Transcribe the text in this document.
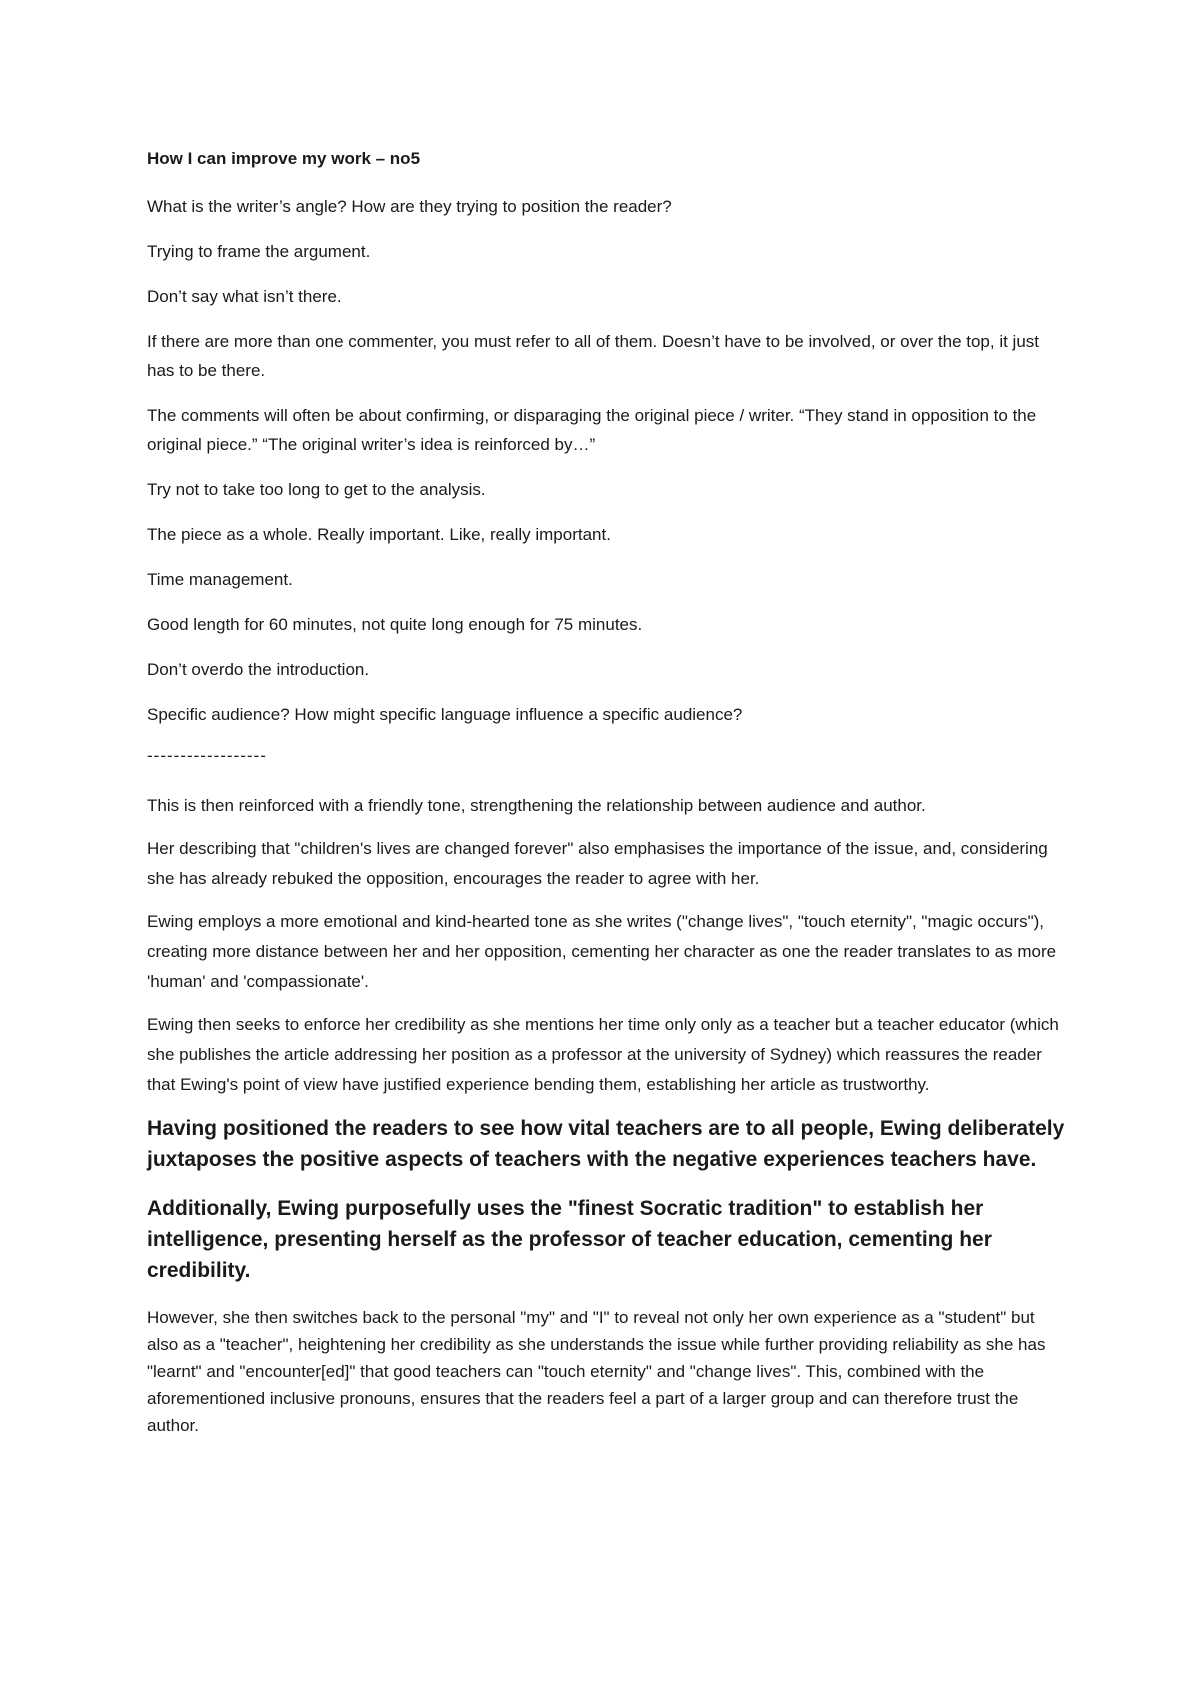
How I can improve my work – no5

What is the writer’s angle? How are they trying to position the reader?

Trying to frame the argument.

Don’t say what isn’t there.

If there are more than one commenter, you must refer to all of them. Doesn’t have to be involved, or over the top, it just has to be there.

The comments will often be about confirming, or disparaging the original piece / writer. “They stand in opposition to the original piece.” “The original writer’s idea is reinforced by…”

Try not to take too long to get to the analysis.

The piece as a whole. Really important. Like, really important.

Time management.

Good length for 60 minutes, not quite long enough for 75 minutes.

Don’t overdo the introduction.

Specific audience? How might specific language influence a specific audience?

------------------

This is then reinforced with a friendly tone, strengthening the relationship between audience and author.

Her describing that "children's lives are changed forever" also emphasises the importance of the issue, and, considering she has already rebuked the opposition, encourages the reader to agree with her.

Ewing employs a more emotional and kind-hearted tone as she writes ("change lives", "touch eternity", "magic occurs"), creating more distance between her and her opposition, cementing her character as one the reader translates to as more 'human' and 'compassionate'.

Ewing then seeks to enforce her credibility as she mentions her time only only as a teacher but a teacher educator (which she publishes the article addressing her position as a professor at the university of Sydney) which reassures the reader that Ewing's point of view have justified experience bending them, establishing her article as trustworthy.

Having positioned the readers to see how vital teachers are to all people, Ewing deliberately juxtaposes the positive aspects of teachers with the negative experiences teachers have.

Additionally, Ewing purposefully uses the "finest Socratic tradition" to establish her intelligence, presenting herself as the professor of teacher education, cementing her credibility.

However, she then switches back to the personal "my" and "I" to reveal not only her own experience as a "student" but also as a "teacher", heightening her credibility as she understands the issue while further providing reliability as she has "learnt" and "encounter[ed]" that good teachers can "touch eternity" and "change lives". This, combined with the aforementioned inclusive pronouns, ensures that the readers feel a part of a larger group and can therefore trust the author.
